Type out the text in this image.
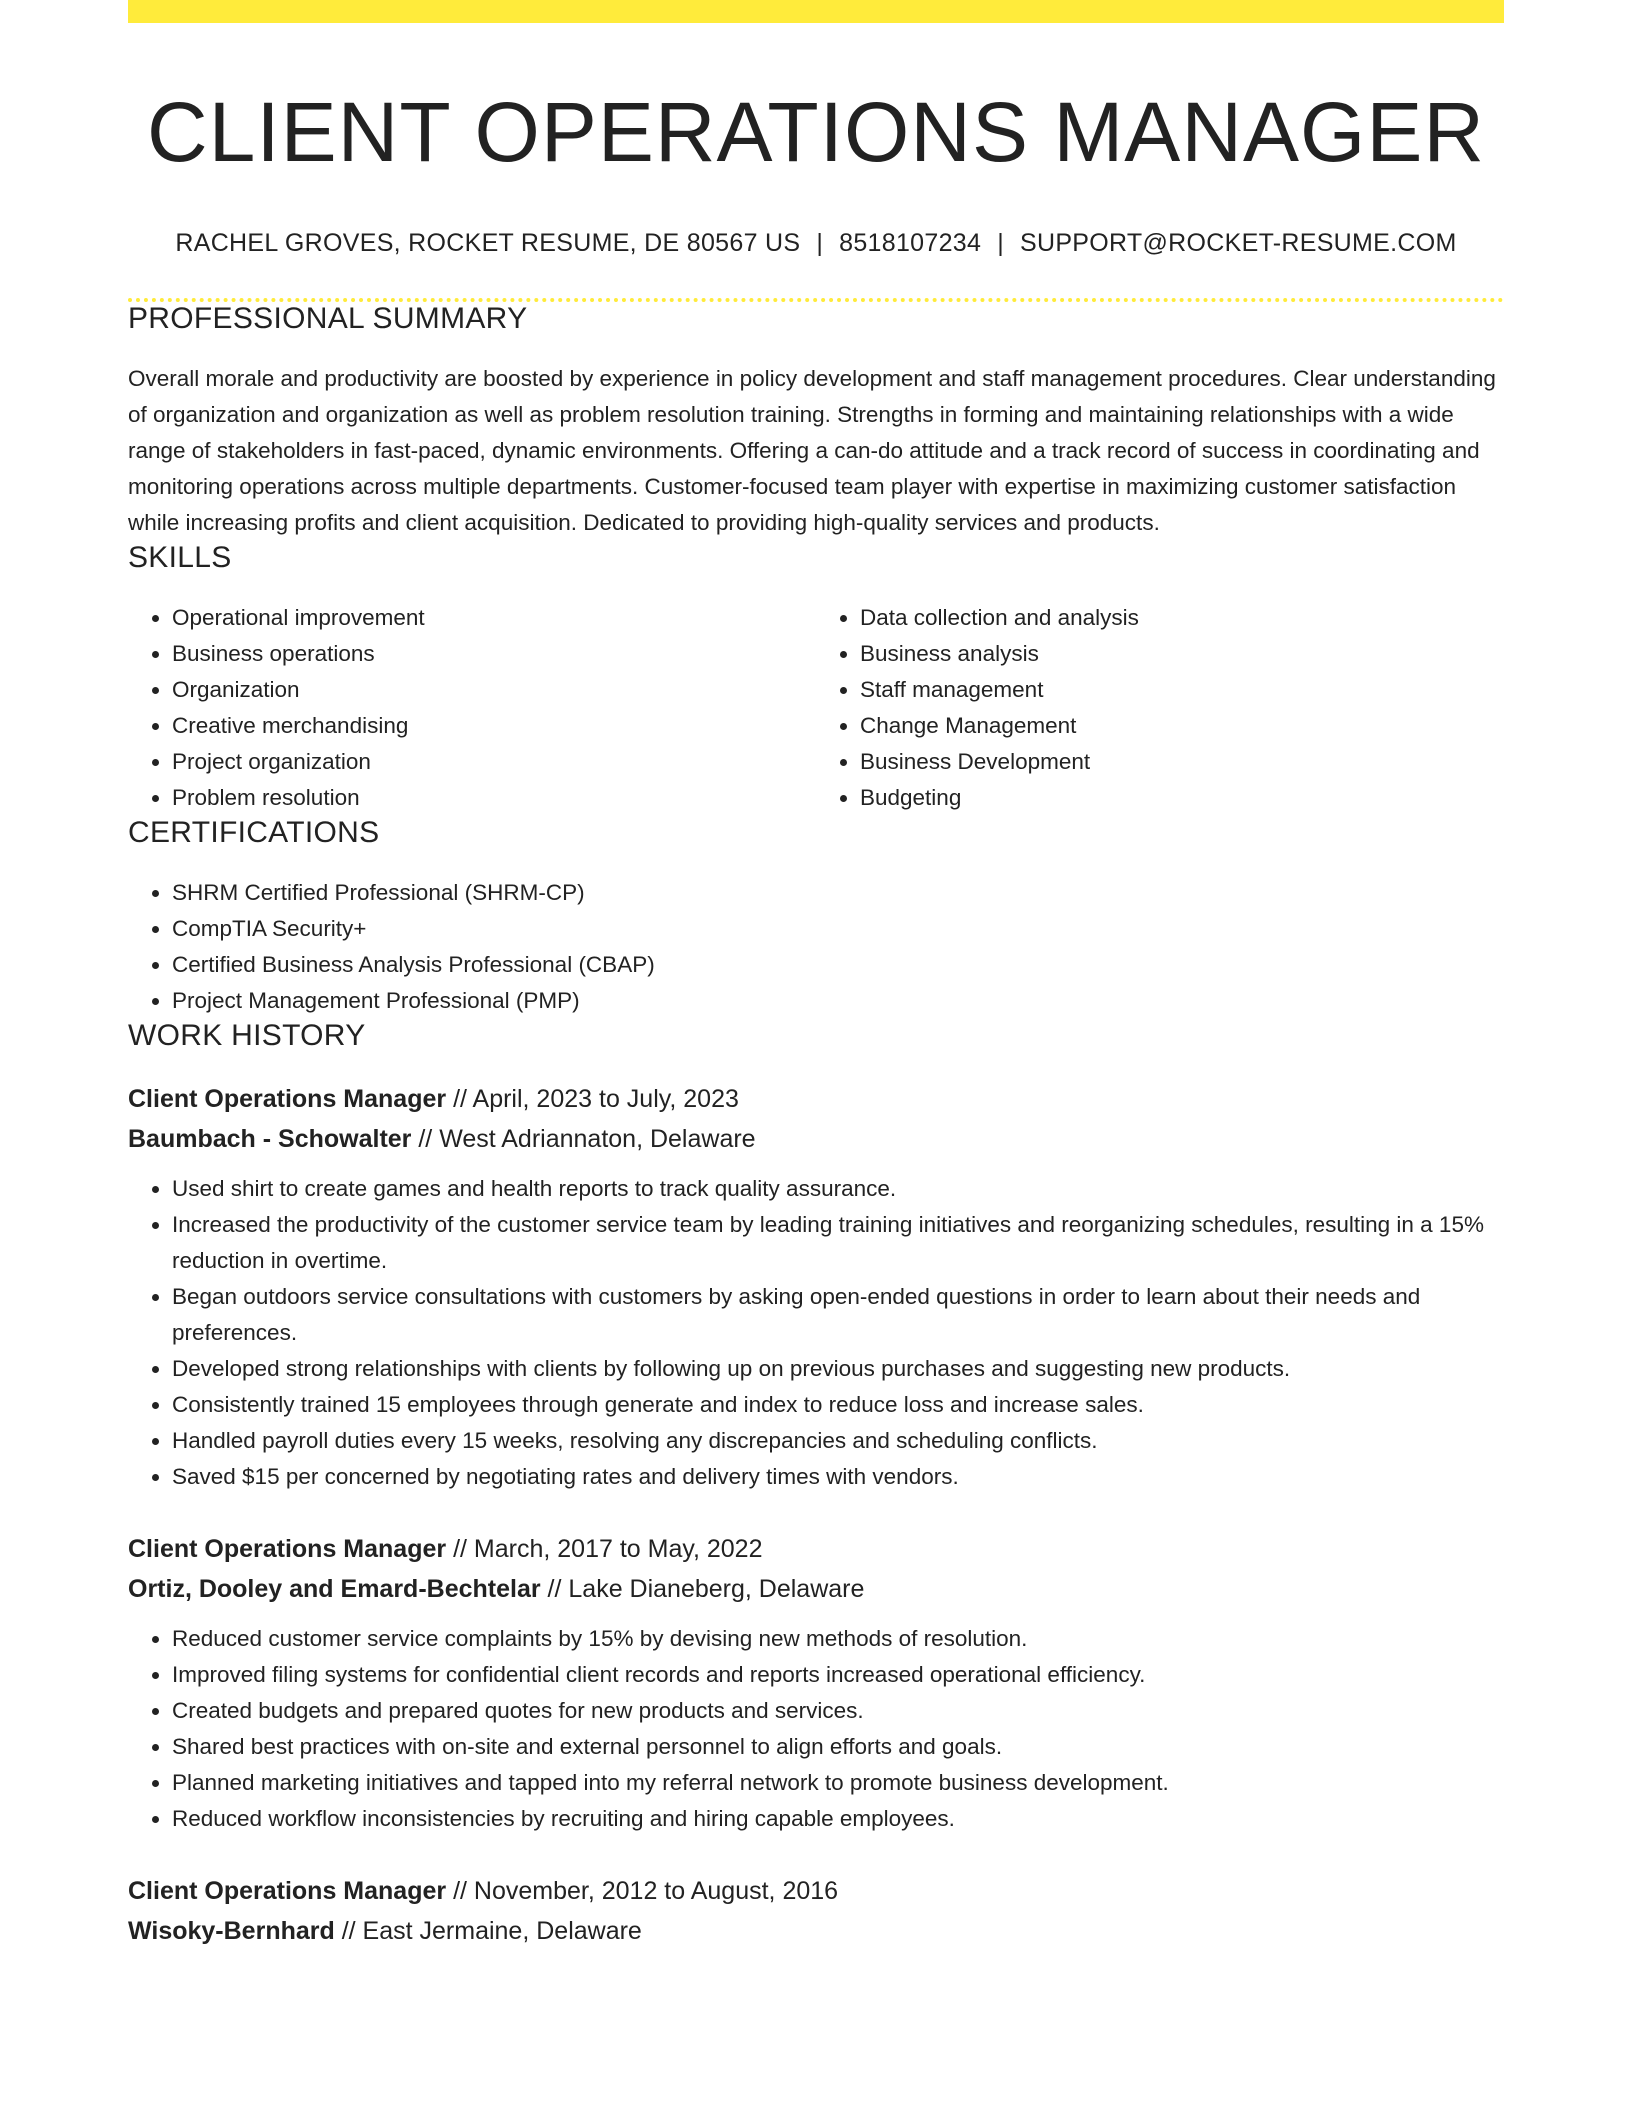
CLIENT OPERATIONS MANAGER
RACHEL GROVES, ROCKET RESUME, DE 80567 US | 8518107234 | SUPPORT@ROCKET-RESUME.COM
PROFESSIONAL SUMMARY

Overall morale and productivity are boosted by experience in policy development and staff management procedures. Clear understanding of organization and organization as well as problem resolution training. Strengths in forming and maintaining relationships with a wide range of stakeholders in fast-paced, dynamic environments. Offering a can-do attitude and a track record of success in coordinating and monitoring operations across multiple departments. Customer-focused team player with expertise in maximizing customer satisfaction while increasing profits and client acquisition. Dedicated to providing high-quality services and products.

SKILLS
• Operational improvement
• Business operations
• Organization
• Creative merchandising
• Project organization
• Problem resolution
• Data collection and analysis
• Business analysis
• Staff management
• Change Management
• Business Development
• Budgeting
CERTIFICATIONS
• SHRM Certified Professional (SHRM-CP)
• CompTIA Security+
• Certified Business Analysis Professional (CBAP)
• Project Management Professional (PMP)
WORK HISTORY
Client Operations Manager // April, 2023 to July, 2023
Baumbach - Schowalter // West Adriannaton, Delaware
• Used shirt to create games and health reports to track quality assurance.
• Increased the productivity of the customer service team by leading training initiatives and reorganizing schedules, resulting in a 15% reduction in overtime.
• Began outdoors service consultations with customers by asking open-ended questions in order to learn about their needs and preferences.
• Developed strong relationships with clients by following up on previous purchases and suggesting new products.
• Consistently trained 15 employees through generate and index to reduce loss and increase sales.
• Handled payroll duties every 15 weeks, resolving any discrepancies and scheduling conflicts.
• Saved $15 per concerned by negotiating rates and delivery times with vendors.
Client Operations Manager // March, 2017 to May, 2022
Ortiz, Dooley and Emard-Bechtelar // Lake Dianeberg, Delaware
• Reduced customer service complaints by 15% by devising new methods of resolution.
• Improved filing systems for confidential client records and reports increased operational efficiency.
• Created budgets and prepared quotes for new products and services.
• Shared best practices with on-site and external personnel to align efforts and goals.
• Planned marketing initiatives and tapped into my referral network to promote business development.
• Reduced workflow inconsistencies by recruiting and hiring capable employees.
Client Operations Manager // November, 2012 to August, 2016
Wisoky-Bernhard // East Jermaine, Delaware
